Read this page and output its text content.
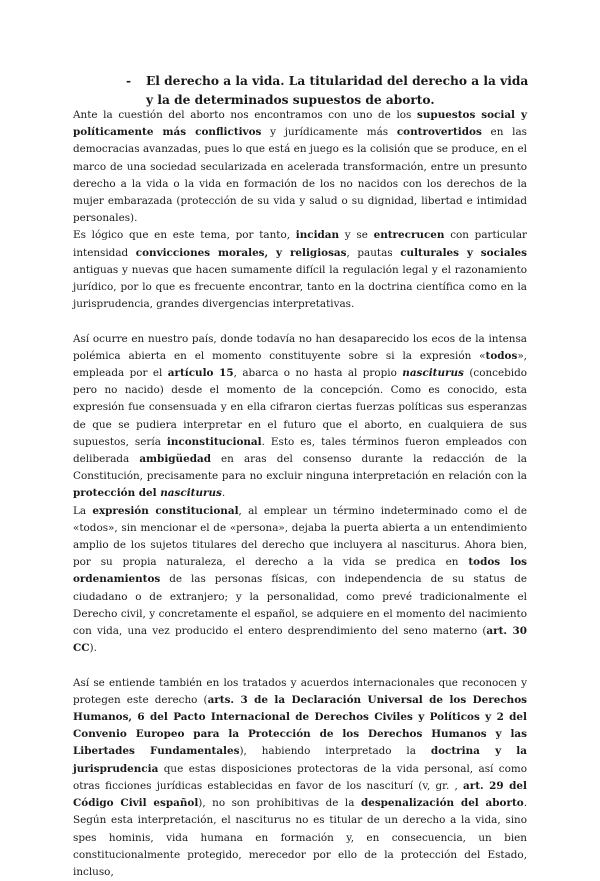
-	El derecho a la vida. La titularidad del derecho a la vida y la de determinados supuestos de aborto.

Ante la cuestión del aborto nos encontramos con uno de los supuestos social y políticamente más conflictivos y jurídicamente más controvertidos en las democracias avanzadas, pues lo que está en juego es la colisión que se produce, en el marco de una sociedad secularizada en acelerada transformación, entre un presunto derecho a la vida o la vida en formación de los no nacidos con los derechos de la mujer embarazada (protección de su vida y salud o su dignidad, libertad e intimidad personales).

Es lógico que en este tema, por tanto, incidan y se entrecrucen con particular intensidad convicciones morales, y religiosas, pautas culturales y sociales antiguas y nuevas que hacen sumamente difícil la regulación legal y el razonamiento jurídico, por lo que es frecuente encontrar, tanto en la doctrina científica como en la jurisprudencia, grandes divergencias interpretativas.

Así ocurre en nuestro país, donde todavía no han desaparecido los ecos de la intensa polémica abierta en el momento constituyente sobre si la expresión «todos», empleada por el artículo 15, abarca o no hasta al propio nasciturus (concebido pero no nacido) desde el momento de la concepción. Como es conocido, esta expresión fue consensuada y en ella cifraron ciertas fuerzas políticas sus esperanzas de que se pudiera interpretar en el futuro que el aborto, en cualquiera de sus supuestos, sería inconstitucional. Esto es, tales términos fueron empleados con deliberada ambigüedad en aras del consenso durante la redacción de la Constitución, precisamente para no excluir ninguna interpretación en relación con la protección del nasciturus.

La expresión constitucional, al emplear un término indeterminado como el de «todos», sin mencionar el de «persona», dejaba la puerta abierta a un entendimiento amplio de los sujetos titulares del derecho que incluyera al nasciturus. Ahora bien, por su propia naturaleza, el derecho a la vida se predica en todos los ordenamientos de las personas físicas, con independencia de su status de ciudadano o de extranjero; y la personalidad, como prevé tradicionalmente el Derecho civil, y concretamente el español, se adquiere en el momento del nacimiento con vida, una vez producido el entero desprendimiento del seno materno (art. 30 CC).

Así se entiende también en los tratados y acuerdos internacionales que reconocen y protegen este derecho (arts. 3 de la Declaración Universal de los Derechos Humanos, 6 del Pacto Internacional de Derechos Civiles y Políticos y 2 del Convenio Europeo para la Protección de los Derechos Humanos y las Libertades Fundamentales), habiendo interpretado la doctrina y la jurisprudencia que estas disposiciones protectoras de la vida personal, así como otras ficciones jurídicas establecidas en favor de los nasciturí (v, gr. , art. 29 del Código Civil español), no son prohibitivas de la despenalización del aborto. Según esta interpretación, el nasciturus no es titular de un derecho a la vida, sino spes hominis, vida humana en formación y, en consecuencia, un bien constitucionalmente protegido, merecedor por ello de la protección del Estado, incluso,
